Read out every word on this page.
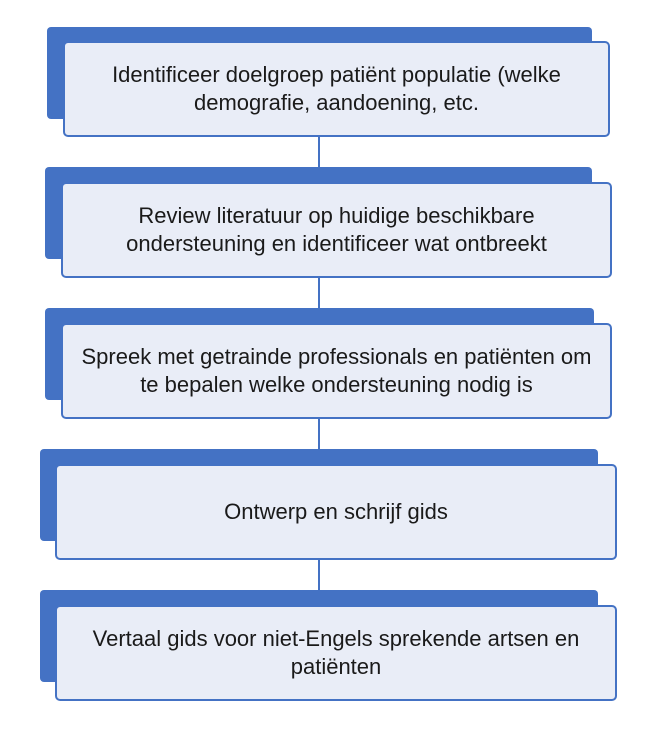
Identificeer doelgroep patiënt populatie (welke demografie, aandoening, etc.
Review literatuur op huidige beschikbare ondersteuning en identificeer wat ontbreekt
Spreek met getrainde professionals en patiënten om te bepalen welke ondersteuning nodig is
Ontwerp en schrijf gids
Vertaal gids voor niet-Engels sprekende artsen en patiënten
